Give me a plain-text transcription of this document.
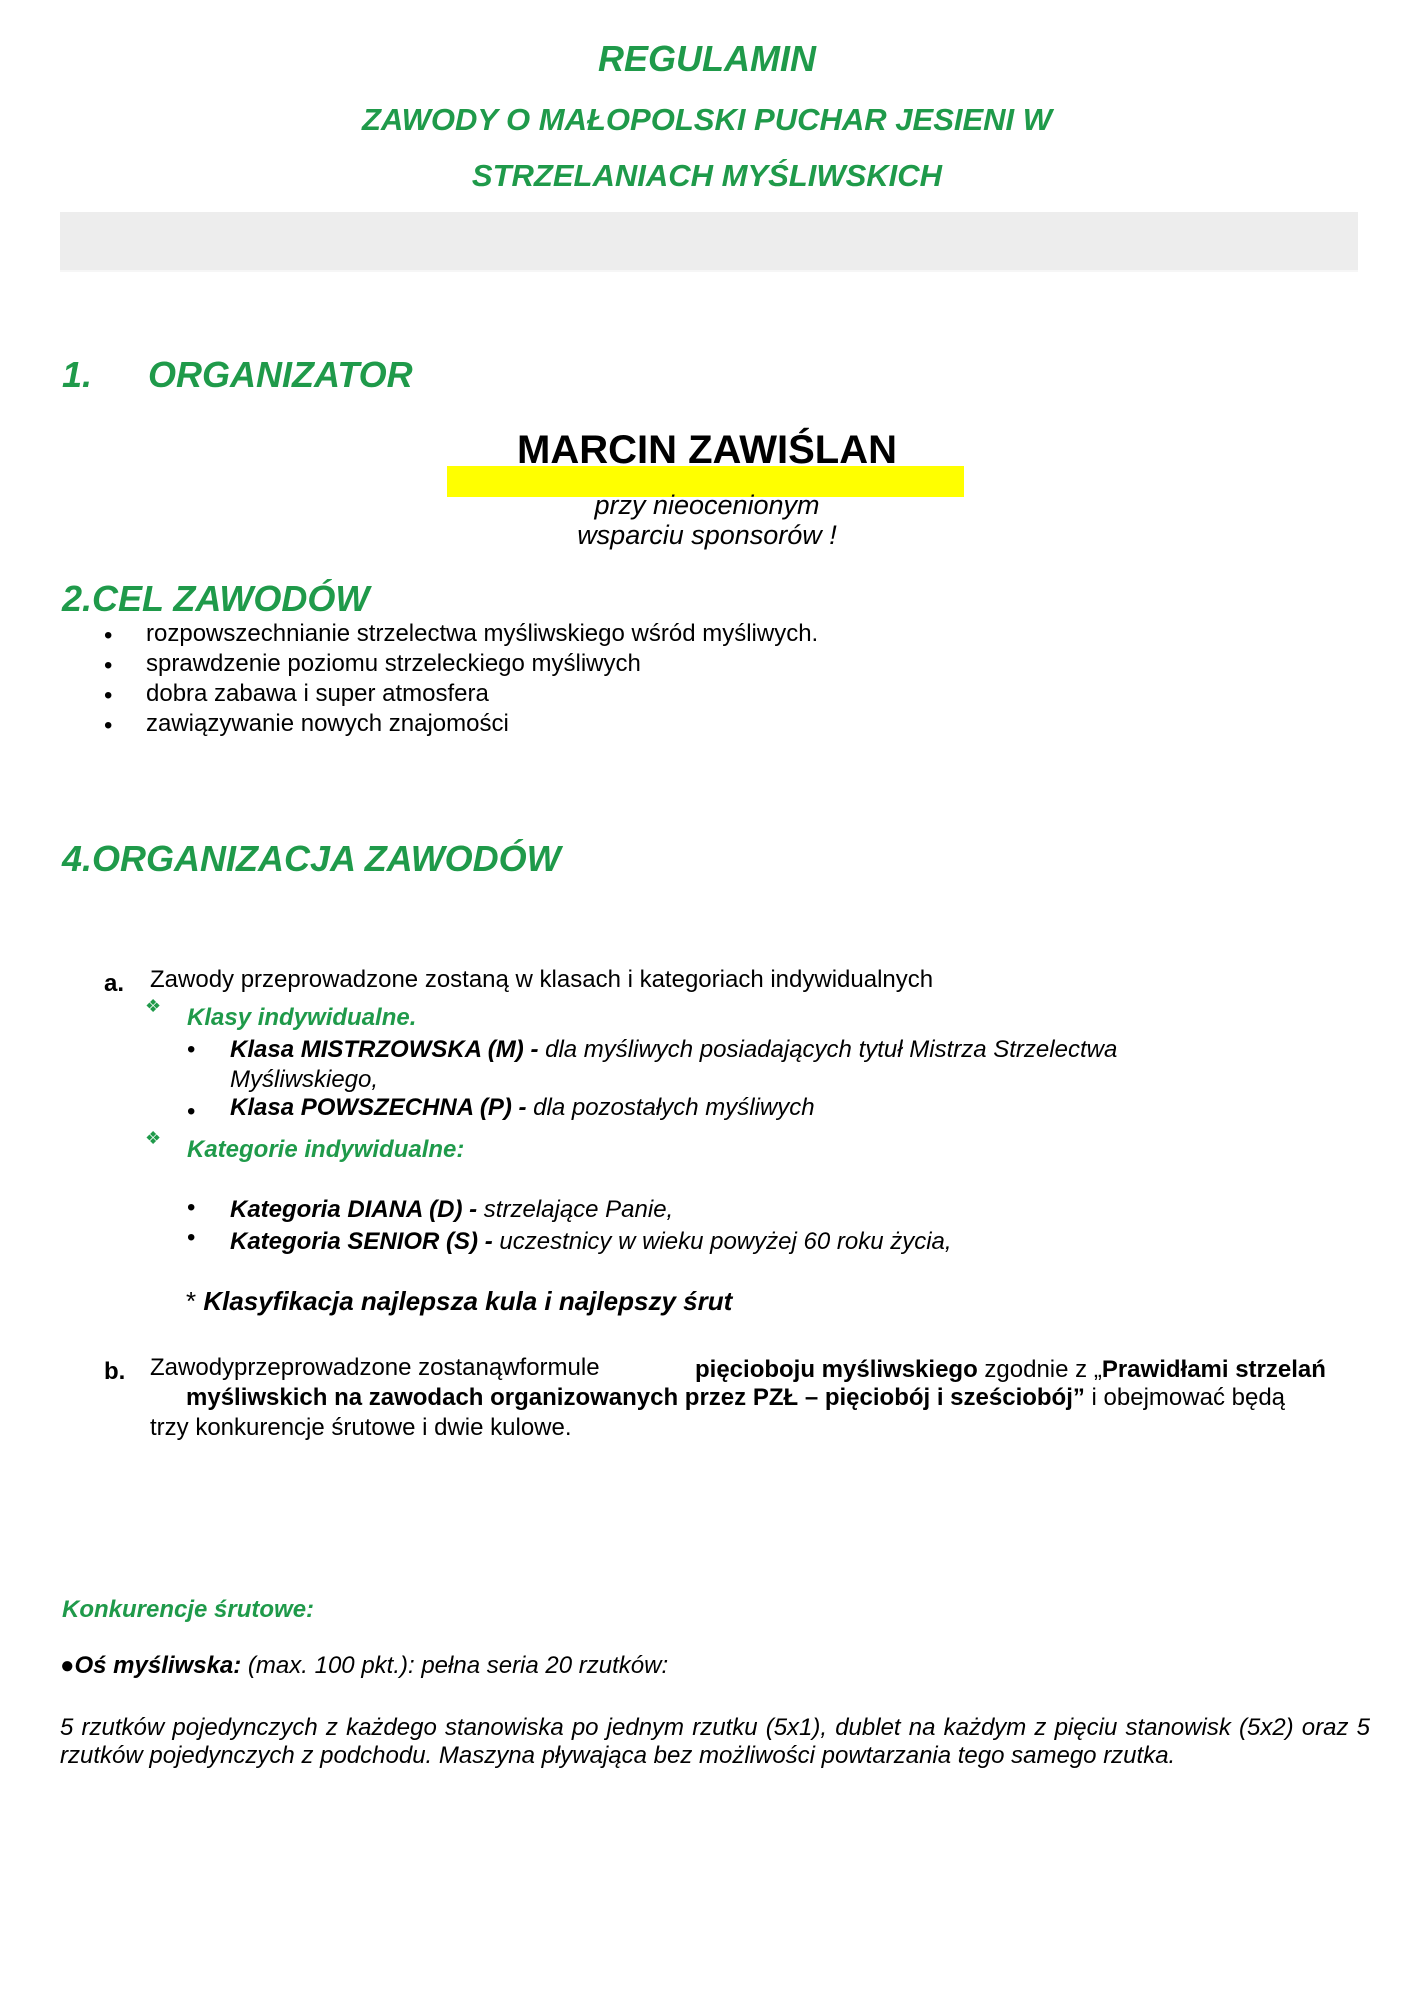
REGULAMIN
ZAWODY O MAŁOPOLSKI PUCHAR JESIENI W
STRZELANIACH MYŚLIWSKICH
1. ORGANIZATOR
MARCIN ZAWIŚLAN
przy nieocenionym
wsparciu sponsorów !
2.CEL ZAWODÓW
• rozpowszechnianie strzelectwa myśliwskiego wśród myśliwych.
• sprawdzenie poziomu strzeleckiego myśliwych
• dobra zabawa i super atmosfera
• zawiązywanie nowych znajomości
4.ORGANIZACJA ZAWODÓW
a. Zawody przeprowadzone zostaną w klasach i kategoriach indywidualnych
❖ Klasy indywidualne.
• Klasa MISTRZOWSKA (M) - dla myśliwych posiadających tytuł Mistrza Strzelectwa
Myśliwskiego,
• Klasa POWSZECHNA (P) - dla pozostałych myśliwych
❖ Kategorie indywidualne:
• Kategoria DIANA (D) - strzelające Panie,
• Kategoria SENIOR (S) - uczestnicy w wieku powyżej 60 roku życia,
* Klasyfikacja najlepsza kula i najlepszy śrut
b. Zawodyprzeprowadzone zostanąwformule	pięcioboju myśliwskiego zgodnie z „Prawidłami strzelań
myśliwskich na zawodach organizowanych przez PZŁ – pięciobój i sześciobój” i obejmować będą
trzy konkurencje śrutowe i dwie kulowe.
Konkurencje śrutowe:
●Oś myśliwska: (max. 100 pkt.): pełna seria 20 rzutków:
5 rzutków pojedynczych z każdego stanowiska po jednym rzutku (5x1), dublet na każdym z pięciu stanowisk (5x2) oraz 5 rzutków pojedynczych z podchodu. Maszyna pływająca bez możliwości powtarzania tego samego rzutka.
